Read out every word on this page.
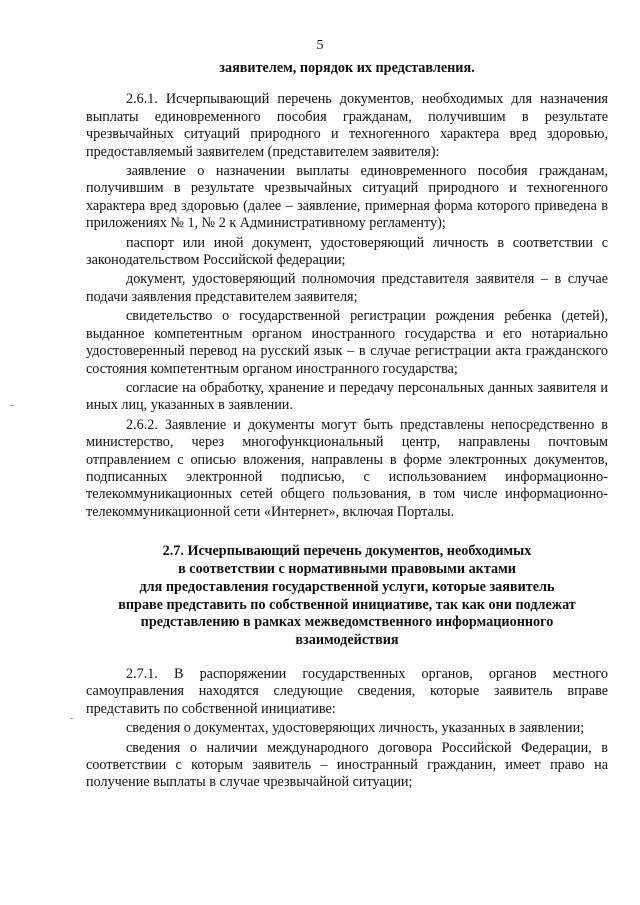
5

заявителем, порядок их представления.

2.6.1. Исчерпывающий перечень документов, необходимых для назначения выплаты единовременного пособия гражданам, получившим в результате чрезвычайных ситуаций природного и техногенного характера вред здоровью, предоставляемый заявителем (представителем заявителя):

заявление о назначении выплаты единовременного пособия гражданам, получившим в результате чрезвычайных ситуаций природного и техногенного характера вред здоровью (далее – заявление, примерная форма которого приведена в приложениях № 1, № 2 к Административному регламенту);

паспорт или иной документ, удостоверяющий личность в соответствии с законодательством Российской федерации;

документ, удостоверяющий полномочия представителя заявителя – в случае подачи заявления представителем заявителя;

свидетельство о государственной регистрации рождения ребенка (детей), выданное компетентным органом иностранного государства и его нотариально удостоверенный перевод на русский язык – в случае регистрации акта гражданского состояния компетентным органом иностранного государства;

согласие на обработку, хранение и передачу персональных данных заявителя и иных лиц, указанных в заявлении.

2.6.2. Заявление и документы могут быть представлены непосредственно в министерство, через многофункциональный центр, направлены почтовым отправлением с описью вложения, направлены в форме электронных документов, подписанных электронной подписью, с использованием информационно-телекоммуникационных сетей общего пользования, в том числе информационно-телекоммуникационной сети «Интернет», включая Порталы.

2.7. Исчерпывающий перечень документов, необходимых
в соответствии с нормативными правовыми актами
для предоставления государственной услуги, которые заявитель
вправе представить по собственной инициативе, так как они подлежат
представлению в рамках межведомственного информационного
взаимодействия

2.7.1. В распоряжении государственных органов, органов местного самоуправления находятся следующие сведения, которые заявитель вправе представить по собственной инициативе:

сведения о документах, удостоверяющих личность, указанных в заявлении;

сведения о наличии международного договора Российской Федерации, в соответствии с которым заявитель – иностранный гражданин, имеет право на получение выплаты в случае чрезвычайной ситуации;
